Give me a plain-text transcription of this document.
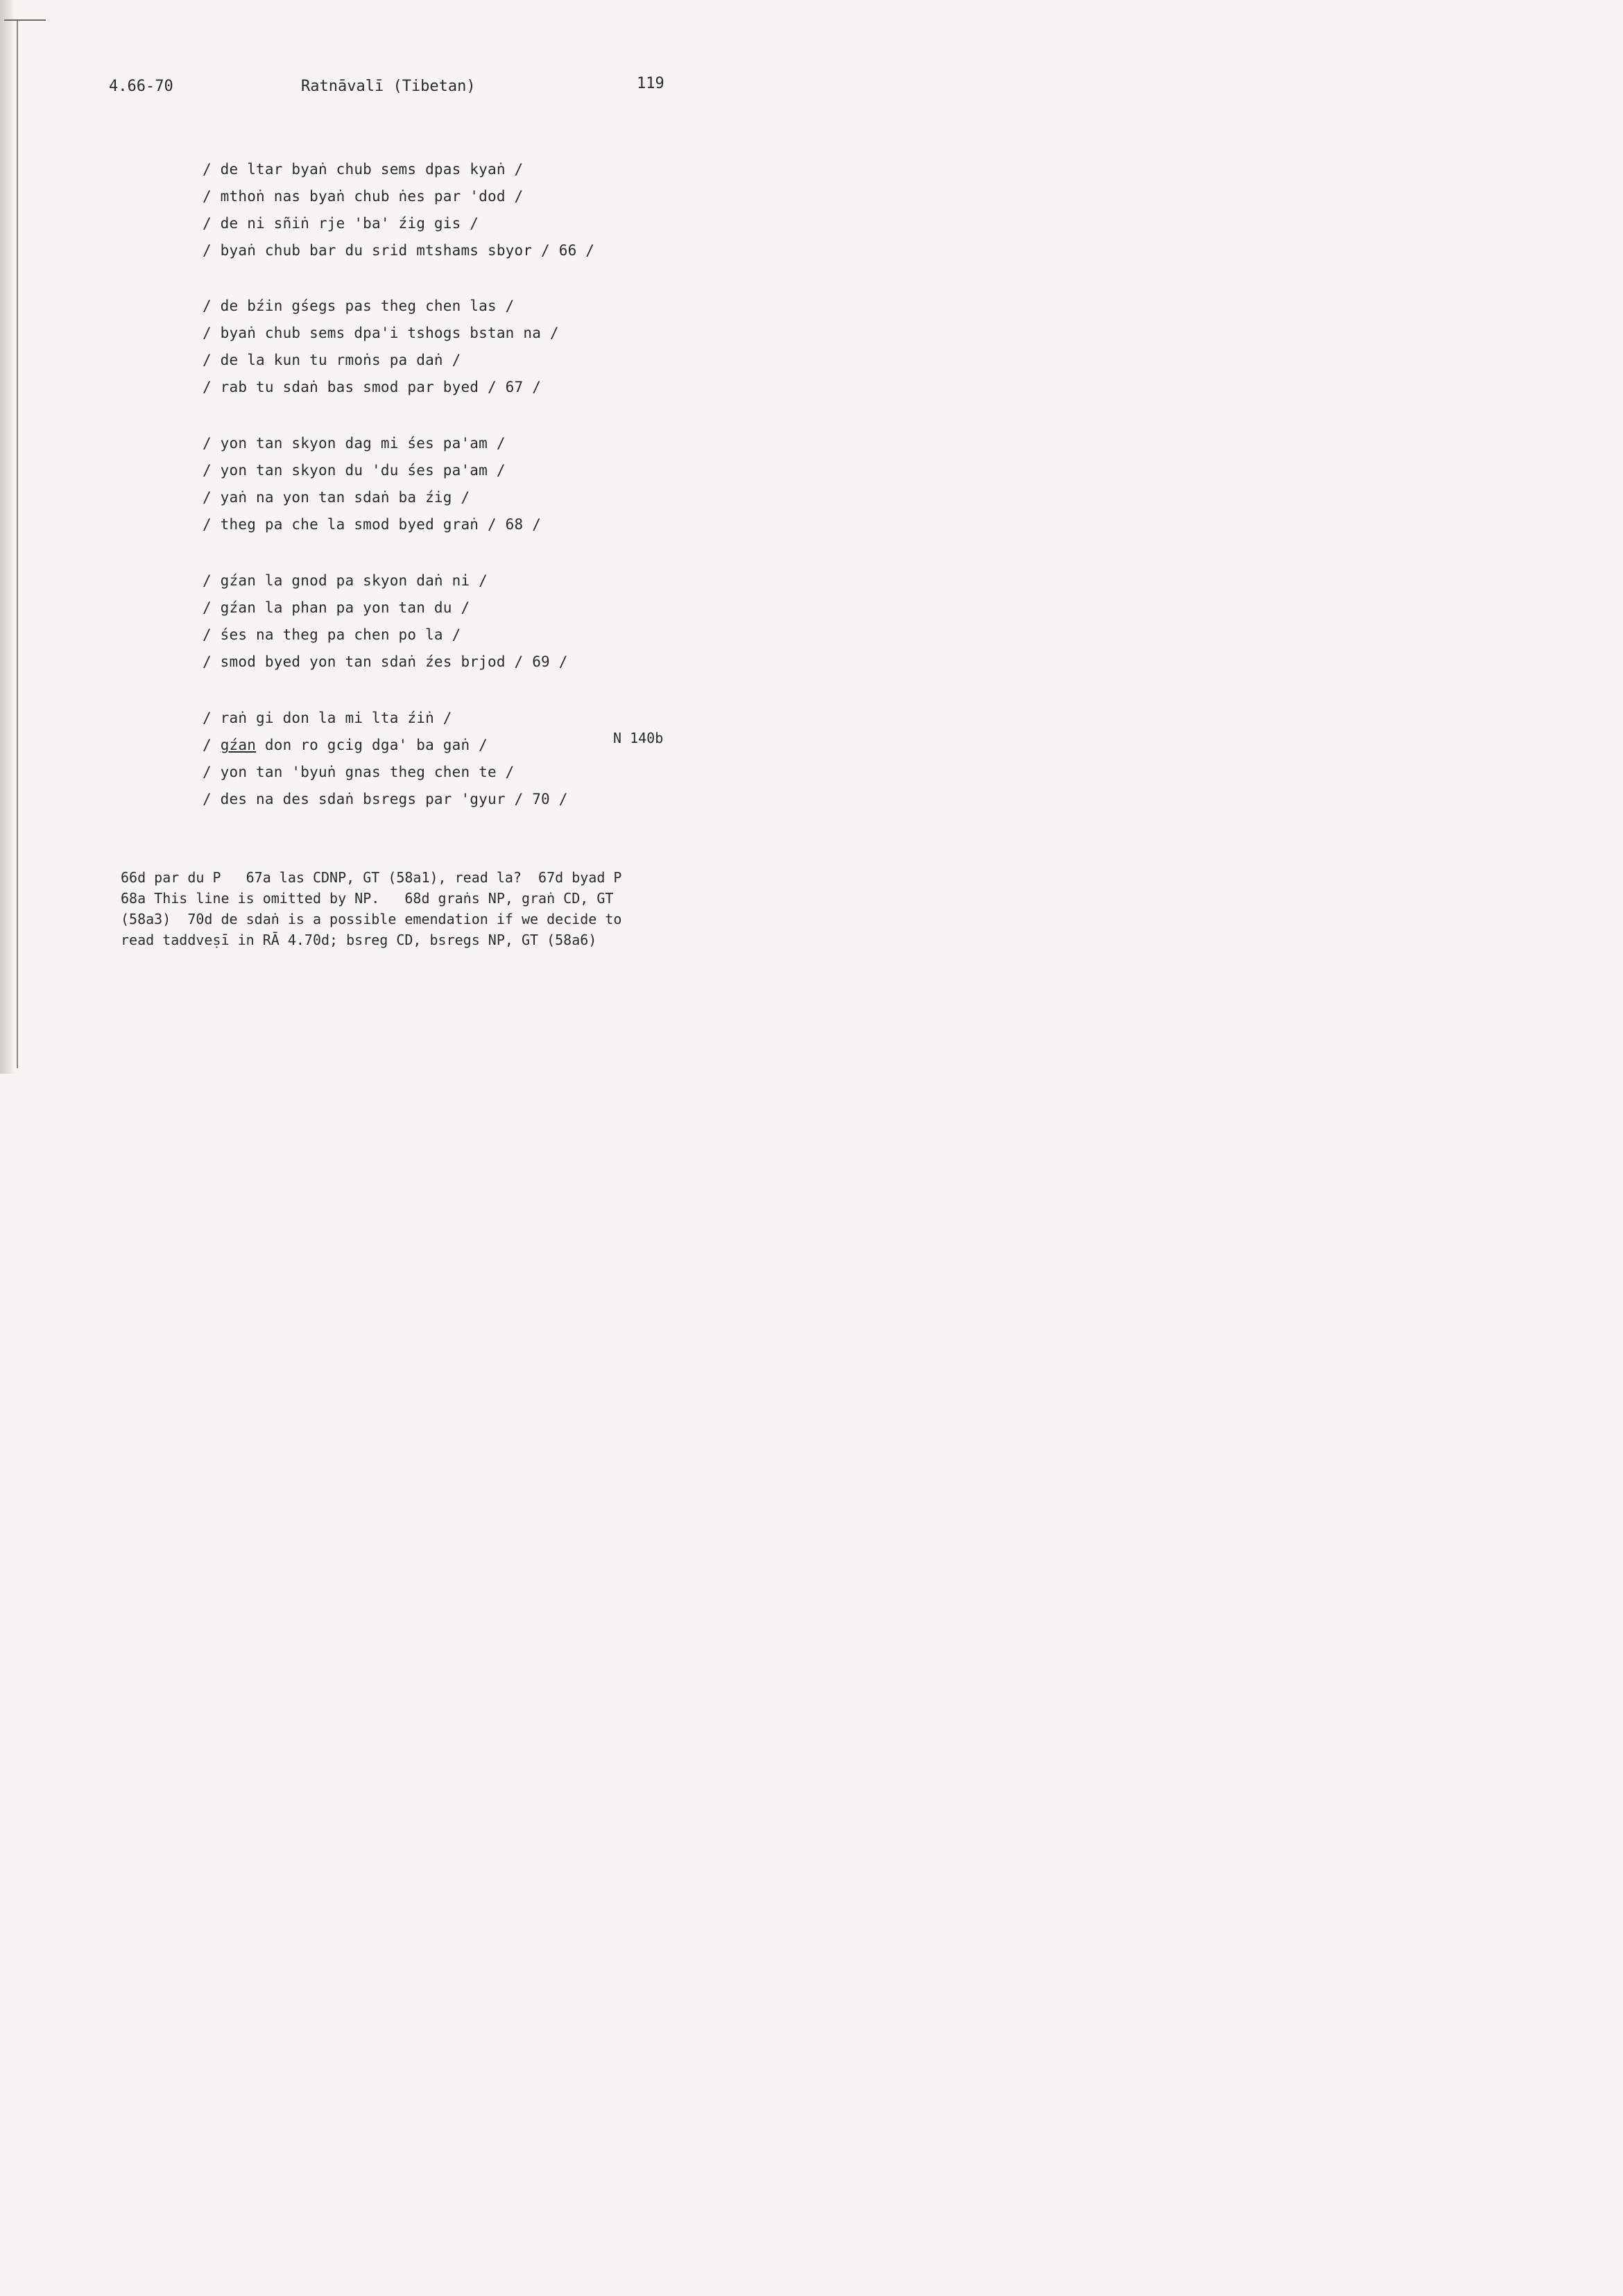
4.66-70	Ratnāvalī (Tibetan)	119
/ de ltar byaṅ chub sems dpas kyaṅ /
/ mthoṅ nas byaṅ chub ṅes par 'dod /
/ de ni sñiṅ rje 'ba' źig gis /
/ byaṅ chub bar du srid mtshams sbyor / 66 /
/ de bźin gśegs pas theg chen las /
/ byaṅ chub sems dpa'i tshogs bstan na /
/ de la kun tu rmoṅs pa daṅ /
/ rab tu sdaṅ bas smod par byed / 67 /
/ yon tan skyon dag mi śes pa'am /
/ yon tan skyon du 'du śes pa'am /
/ yaṅ na yon tan sdaṅ ba źig /
/ theg pa che la smod byed graṅ / 68 /
/ gźan la gnod pa skyon daṅ ni /
/ gźan la phan pa yon tan du /
/ śes na theg pa chen po la /
/ smod byed yon tan sdaṅ źes brjod / 69 /
/ raṅ gi don la mi lta źiṅ /
/ gźan don ro gcig dga' ba gaṅ /
/ yon tan 'byuṅ gnas theg chen te /
/ des na des sdaṅ bsregs par 'gyur / 70 /
N 140b
66d par du P   67a las CDNP, GT (58a1), read la?  67d byad P
68a This line is omitted by NP.   68d graṅs NP, graṅ CD, GT
(58a3)  70d de sdaṅ is a possible emendation if we decide to
read taddveṣī in RĀ 4.70d; bsreg CD, bsregs NP, GT (58a6)
